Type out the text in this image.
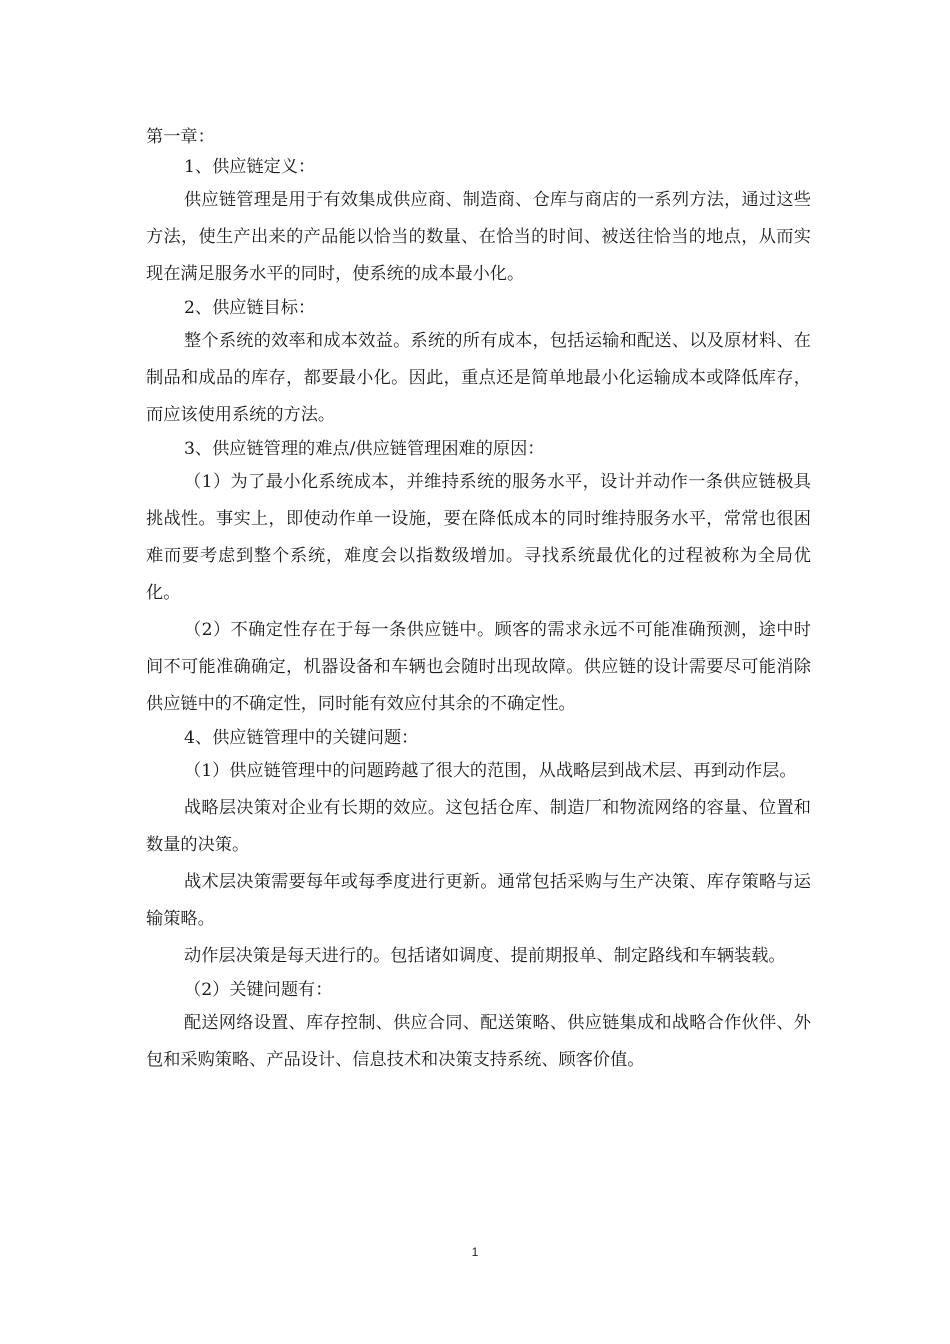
第一章：

1、供应链定义：

供应链管理是用于有效集成供应商、制造商、仓库与商店的一系列方法，通过这些方法，使生产出来的产品能以恰当的数量、在恰当的时间、被送往恰当的地点，从而实现在满足服务水平的同时，使系统的成本最小化。

2、供应链目标：

整个系统的效率和成本效益。系统的所有成本，包括运输和配送、以及原材料、在制品和成品的库存，都要最小化。因此，重点还是简单地最小化运输成本或降低库存，而应该使用系统的方法。

3、供应链管理的难点/供应链管理困难的原因：

（1）为了最小化系统成本，并维持系统的服务水平，设计并动作一条供应链极具挑战性。事实上，即使动作单一设施，要在降低成本的同时维持服务水平，常常也很困难而要考虑到整个系统，难度会以指数级增加。寻找系统最优化的过程被称为全局优化。

（2）不确定性存在于每一条供应链中。顾客的需求永远不可能准确预测，途中时间不可能准确确定，机器设备和车辆也会随时出现故障。供应链的设计需要尽可能消除供应链中的不确定性，同时能有效应付其余的不确定性。

4、供应链管理中的关键问题：

（1）供应链管理中的问题跨越了很大的范围，从战略层到战术层、再到动作层。

战略层决策对企业有长期的效应。这包括仓库、制造厂和物流网络的容量、位置和数量的决策。

战术层决策需要每年或每季度进行更新。通常包括采购与生产决策、库存策略与运输策略。

动作层决策是每天进行的。包括诸如调度、提前期报单、制定路线和车辆装载。

（2）关键问题有：

配送网络设置、库存控制、供应合同、配送策略、供应链集成和战略合作伙伴、外包和采购策略、产品设计、信息技术和决策支持系统、顾客价值。

1
